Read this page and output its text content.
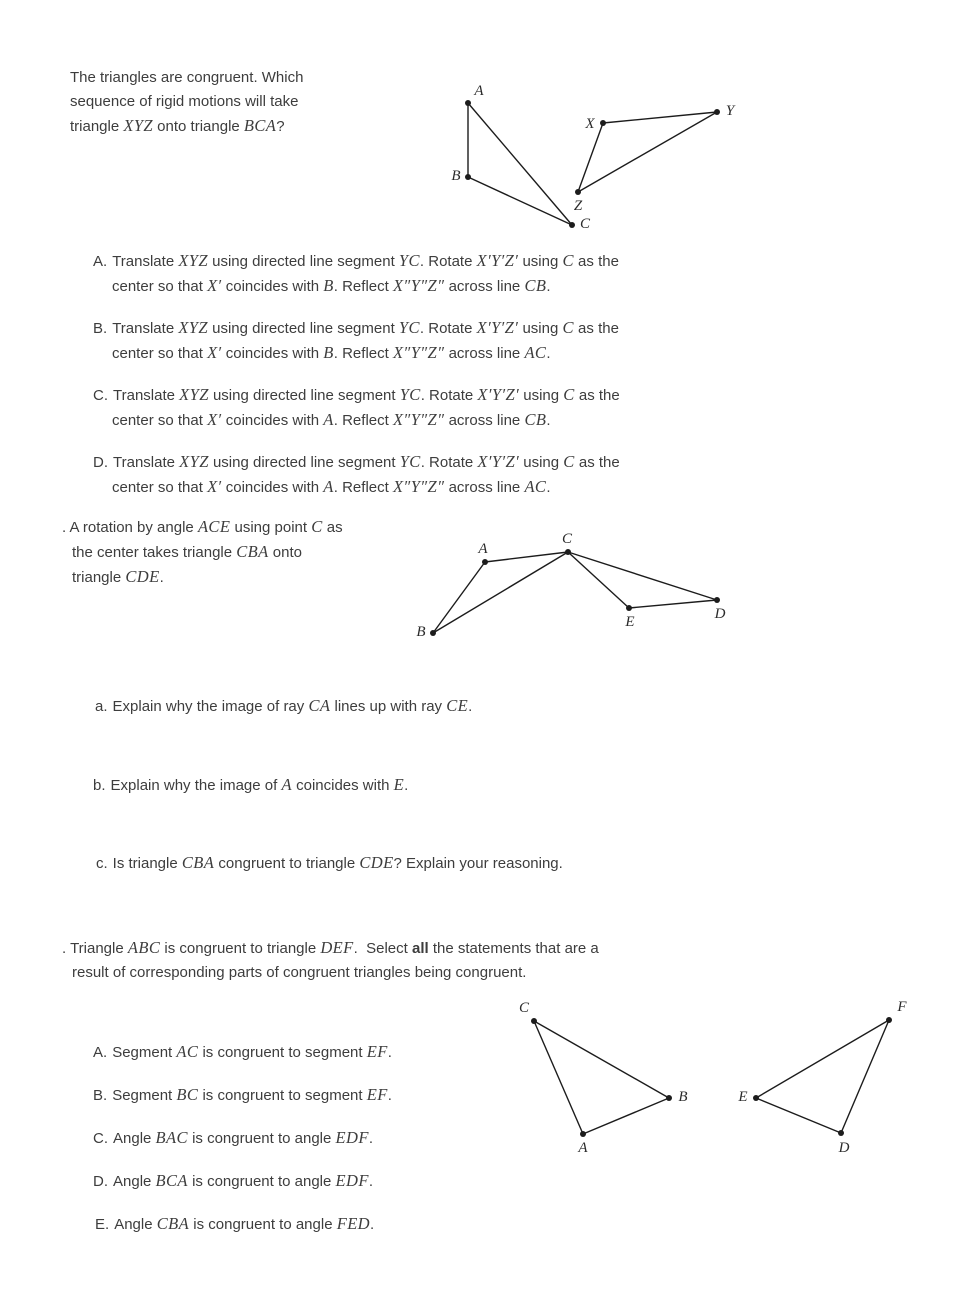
The triangles are congruent. Which
sequence of rigid motions will take
triangle XYZ onto triangle BCA?
A
B
C
X
Y
Z
A. Translate XYZ using directed line segment YC. Rotate X′Y′Z′ using C as the
center so that X′ coincides with B. Reflect X″Y″Z″ across line CB.
B. Translate XYZ using directed line segment YC. Rotate X′Y′Z′ using C as the
center so that X′ coincides with B. Reflect X″Y″Z″ across line AC.
C. Translate XYZ using directed line segment YC. Rotate X′Y′Z′ using C as the
center so that X′ coincides with A. Reflect X″Y″Z″ across line CB.
D. Translate XYZ using directed line segment YC. Rotate X′Y′Z′ using C as the
center so that X′ coincides with A. Reflect X″Y″Z″ across line AC.
. A rotation by angle ACE using point C as
the center takes triangle CBA onto
triangle CDE.
A
B
C
D
E
a. Explain why the image of ray CA lines up with ray CE.
b. Explain why the image of A coincides with E.
c. Is triangle CBA congruent to triangle CDE? Explain your reasoning.
. Triangle ABC is congruent to triangle DEF.  Select all the statements that are a
result of corresponding parts of congruent triangles being congruent.
A. Segment AC is congruent to segment EF.
B. Segment BC is congruent to segment EF.
C. Angle BAC is congruent to angle EDF.
D. Angle BCA is congruent to angle EDF.
E. Angle CBA is congruent to angle FED.
C
B
A
F
E
D
